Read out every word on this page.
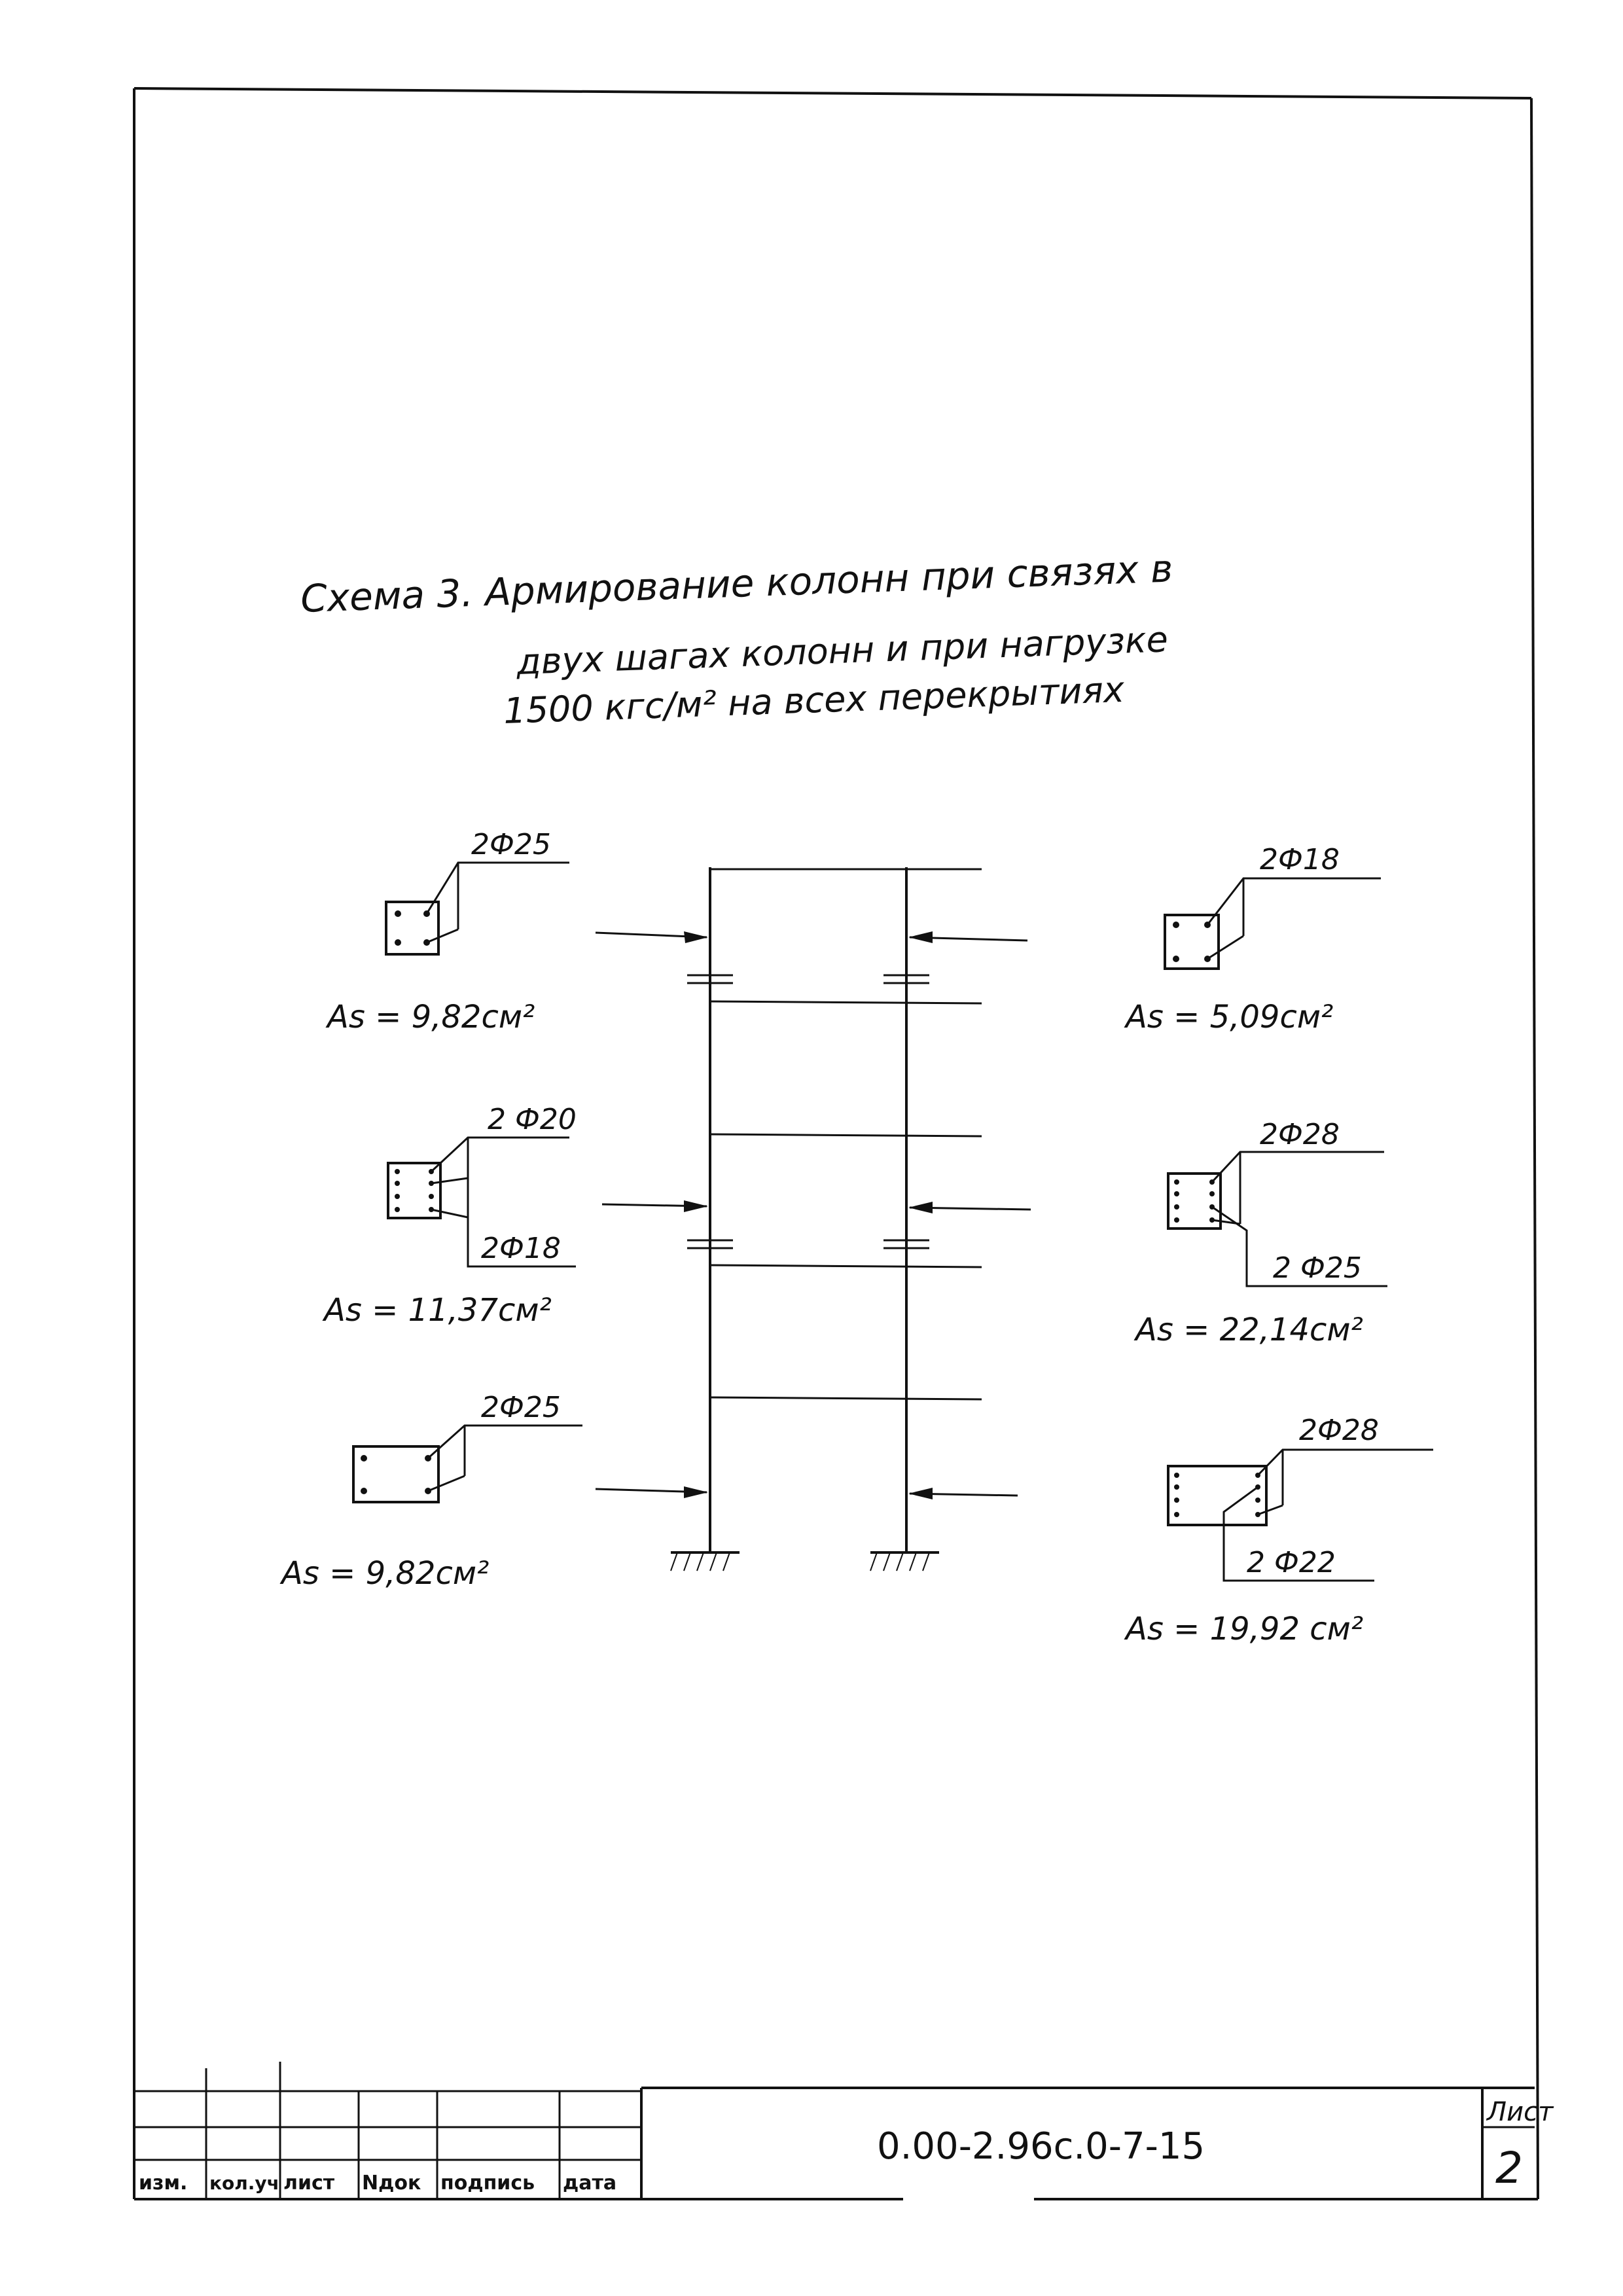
Схема 3. Армирование колонн при связях в
двух шагах колонн и при нагрузке
1500 кгс/м² на всех перекрытиях
2Ф25
As = 9,82см²
2 Ф20
2Ф18
As = 11,37см²
2Ф25
As = 9,82см²
2Ф18
As = 5,09см²
2Ф28
2 Ф25
As = 22,14см²
2Ф28
2 Ф22
As = 19,92 см²
изм. кол.уч лист Nдок подпись дата
0.00-2.96с.0-7-15
Лист
2
